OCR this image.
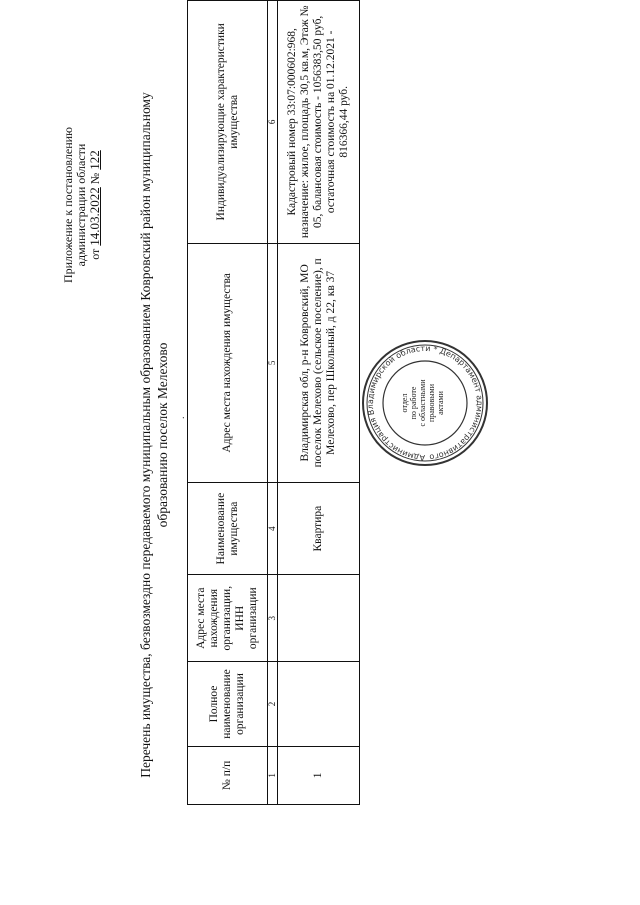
Приложение к постановлению администрации области от 14.03.2022 № 122	Перечень имущества, безвозмездно передаваемого муниципальным образованием Ковровский район муниципальному образованию поселок Мелехово .
№ п/п	Полное наименование организации	Адрес места нахождения организации, ИНН организации	Наименование имущества	Адрес места нахождения имущества	Индивидуализирующие характеристики имущества
1	2	3	4	5	6
1			Квартира	Владимирская обл, р-н Ковровский, МО поселок Мелехово (сельское поселение), п Мелехово, пер Школьный, д 22, кв 37	Кадастровый номер 33:07:000602:968, назначение: жилое, площадь 30,5 кв.м, Этаж № 05, балансовая стоимость - 1056383,50 руб, остаточная стоимость на 01.12.2021 - 816366,44 руб.
Администрация Владимирской области * Департамент административного
отдел по работе с областными правовыми актами
